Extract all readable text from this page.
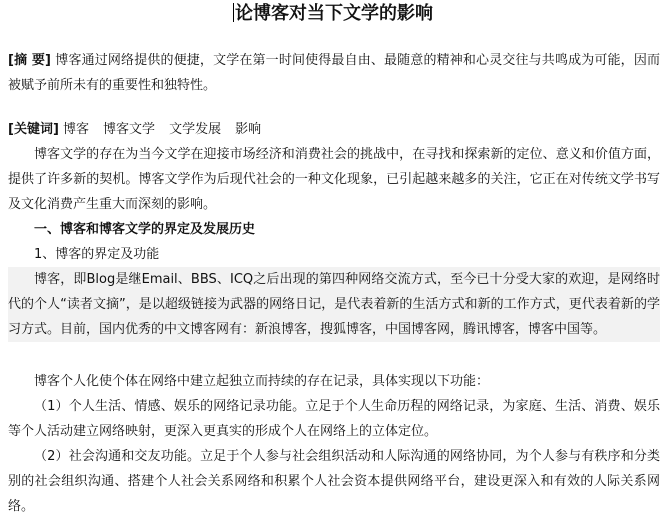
论博客对当下文学的影响

[摘 要] 博客通过网络提供的便捷，文学在第一时间使得最自由、最随意的精神和心灵交往与共鸣成为可能，因而被赋予前所未有的重要性和独特性。

[关键词] 博客 博客文学 文学发展 影响

博客文学的存在为当今文学在迎接市场经济和消费社会的挑战中，在寻找和探索新的定位、意义和价值方面，提供了许多新的契机。博客文学作为后现代社会的一种文化现象，已引起越来越多的关注，它正在对传统文学书写及文化消费产生重大而深刻的影响。

一、博客和博客文学的界定及发展历史

1、博客的界定及功能

博客，即Blog是继Email、BBS、ICQ之后出现的第四种网络交流方式，至今已十分受大家的欢迎，是网络时代的个人“读者文摘”，是以超级链接为武器的网络日记，是代表着新的生活方式和新的工作方式，更代表着新的学习方式。目前，国内优秀的中文博客网有：新浪博客，搜狐博客，中国博客网，腾讯博客，博客中国等。

博客个人化使个体在网络中建立起独立而持续的存在记录，具体实现以下功能：

（1）个人生活、情感、娱乐的网络记录功能。立足于个人生命历程的网络记录，为家庭、生活、消费、娱乐等个人活动建立网络映射，更深入更真实的形成个人在网络上的立体定位。

（2）社会沟通和交友功能。立足于个人参与社会组织活动和人际沟通的网络协同，为个人参与有秩序和分类别的社会组织沟通、搭建个人社会关系网络和积累个人社会资本提供网络平台，建设更深入和有效的人际关系网络。
